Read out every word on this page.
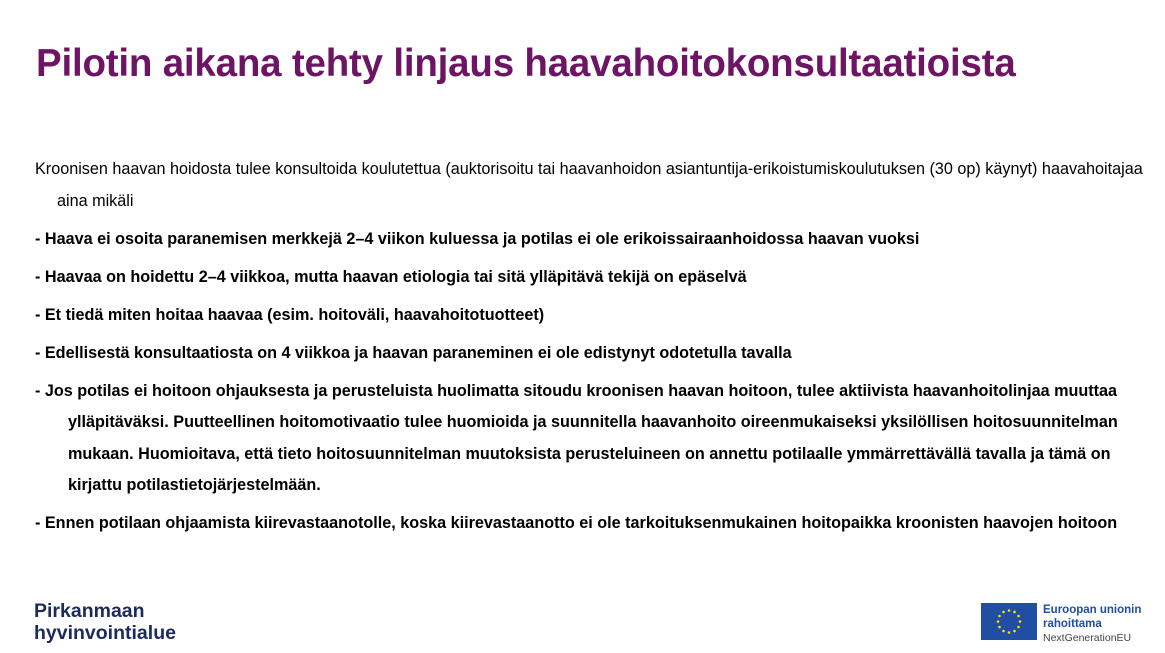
Pilotin aikana tehty linjaus haavahoitokonsultaatioista

Kroonisen haavan hoidosta tulee konsultoida koulutettua (auktorisoitu tai haavanhoidon asiantuntija-erikoistumiskoulutuksen (30 op) käynyt) haavahoitajaa aina mikäli

- Haava ei osoita paranemisen merkkejä 2–4 viikon kuluessa ja potilas ei ole erikoissairaanhoidossa haavan vuoksi

- Haavaa on hoidettu 2–4 viikkoa, mutta haavan etiologia tai sitä ylläpitävä tekijä on epäselvä

- Et tiedä miten hoitaa haavaa (esim. hoitoväli, haavahoitotuotteet)

- Edellisestä konsultaatiosta on 4 viikkoa ja haavan paraneminen ei ole edistynyt odotetulla tavalla

- Jos potilas ei hoitoon ohjauksesta ja perusteluista huolimatta sitoudu kroonisen haavan hoitoon, tulee aktiivista haavanhoitolinjaa muuttaa ylläpitäväksi. Puutteellinen hoitomotivaatio tulee huomioida ja suunnitella haavanhoito oireenmukaiseksi yksilöllisen hoitosuunnitelman mukaan. Huomioitava, että tieto hoitosuunnitelman muutoksista perusteluineen on annettu potilaalle ymmärrettävällä tavalla ja tämä on kirjattu potilastietojärjestelmään.

- Ennen potilaan ohjaamista kiirevastaanotolle, koska kiirevastaanotto ei ole tarkoituksenmukainen hoitopaikka kroonisten haavojen hoitoon

Pirkanmaan
hyvinvointialue
Euroopan unionin
rahoittama
NextGenerationEU
